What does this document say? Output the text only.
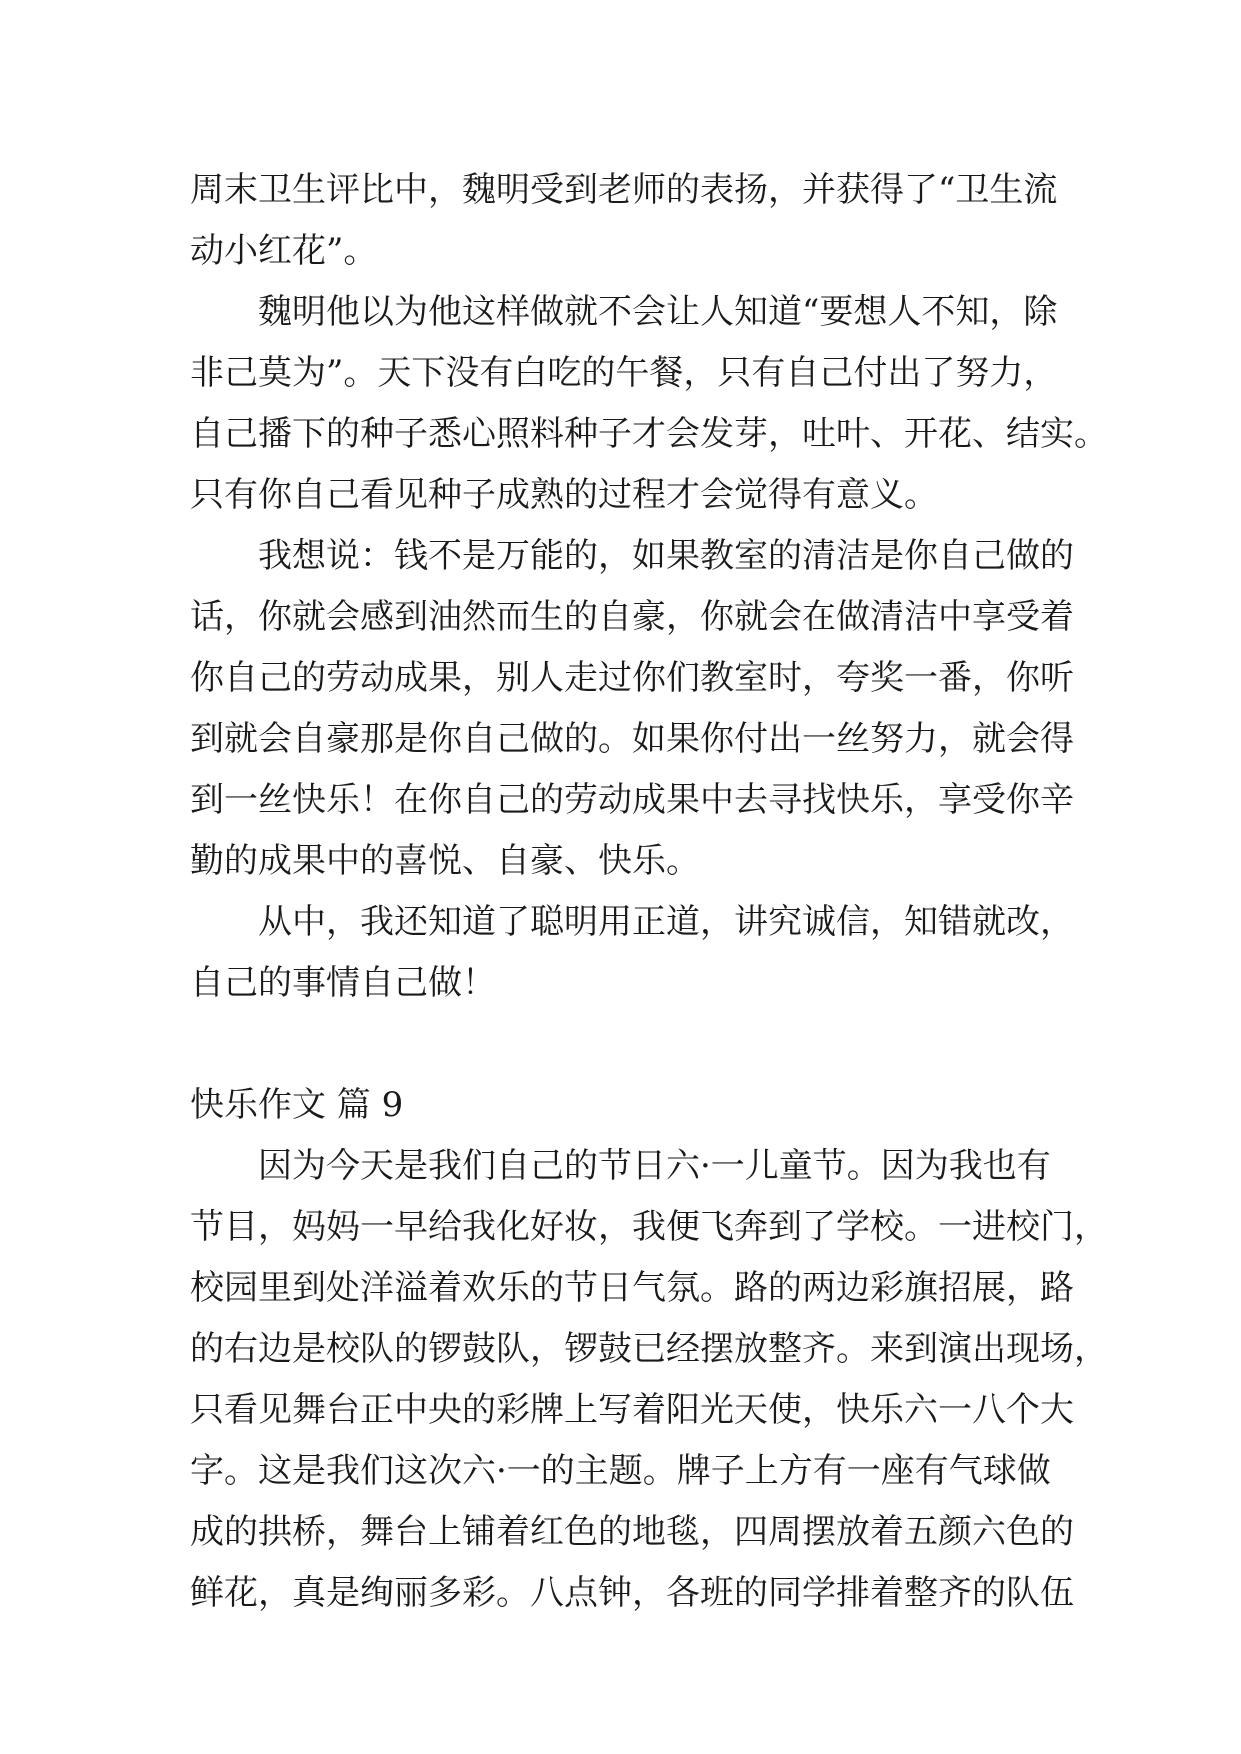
周末卫生评比中，魏明受到老师的表扬，并获得了“卫生流
动小红花”。
魏明他以为他这样做就不会让人知道“要想人不知，除
非己莫为”。天下没有白吃的午餐，只有自己付出了努力，
自己播下的种子悉心照料种子才会发芽，吐叶、开花、结实。
只有你自己看见种子成熟的过程才会觉得有意义。
我想说：钱不是万能的，如果教室的清洁是你自己做的
话，你就会感到油然而生的自豪，你就会在做清洁中享受着
你自己的劳动成果，别人走过你们教室时，夸奖一番，你听
到就会自豪那是你自己做的。如果你付出一丝努力，就会得
到一丝快乐！在你自己的劳动成果中去寻找快乐，享受你辛
勤的成果中的喜悦、自豪、快乐。
从中，我还知道了聪明用正道，讲究诚信，知错就改，
自己的事情自己做！
快乐作文 篇 9
因为今天是我们自己的节日六·一儿童节。因为我也有
节目，妈妈一早给我化好妆，我便飞奔到了学校。一进校门，
校园里到处洋溢着欢乐的节日气氛。路的两边彩旗招展，路
的右边是校队的锣鼓队，锣鼓已经摆放整齐。来到演出现场，
只看见舞台正中央的彩牌上写着阳光天使，快乐六一八个大
字。这是我们这次六·一的主题。牌子上方有一座有气球做
成的拱桥，舞台上铺着红色的地毯，四周摆放着五颜六色的
鲜花，真是绚丽多彩。八点钟，各班的同学排着整齐的队伍
